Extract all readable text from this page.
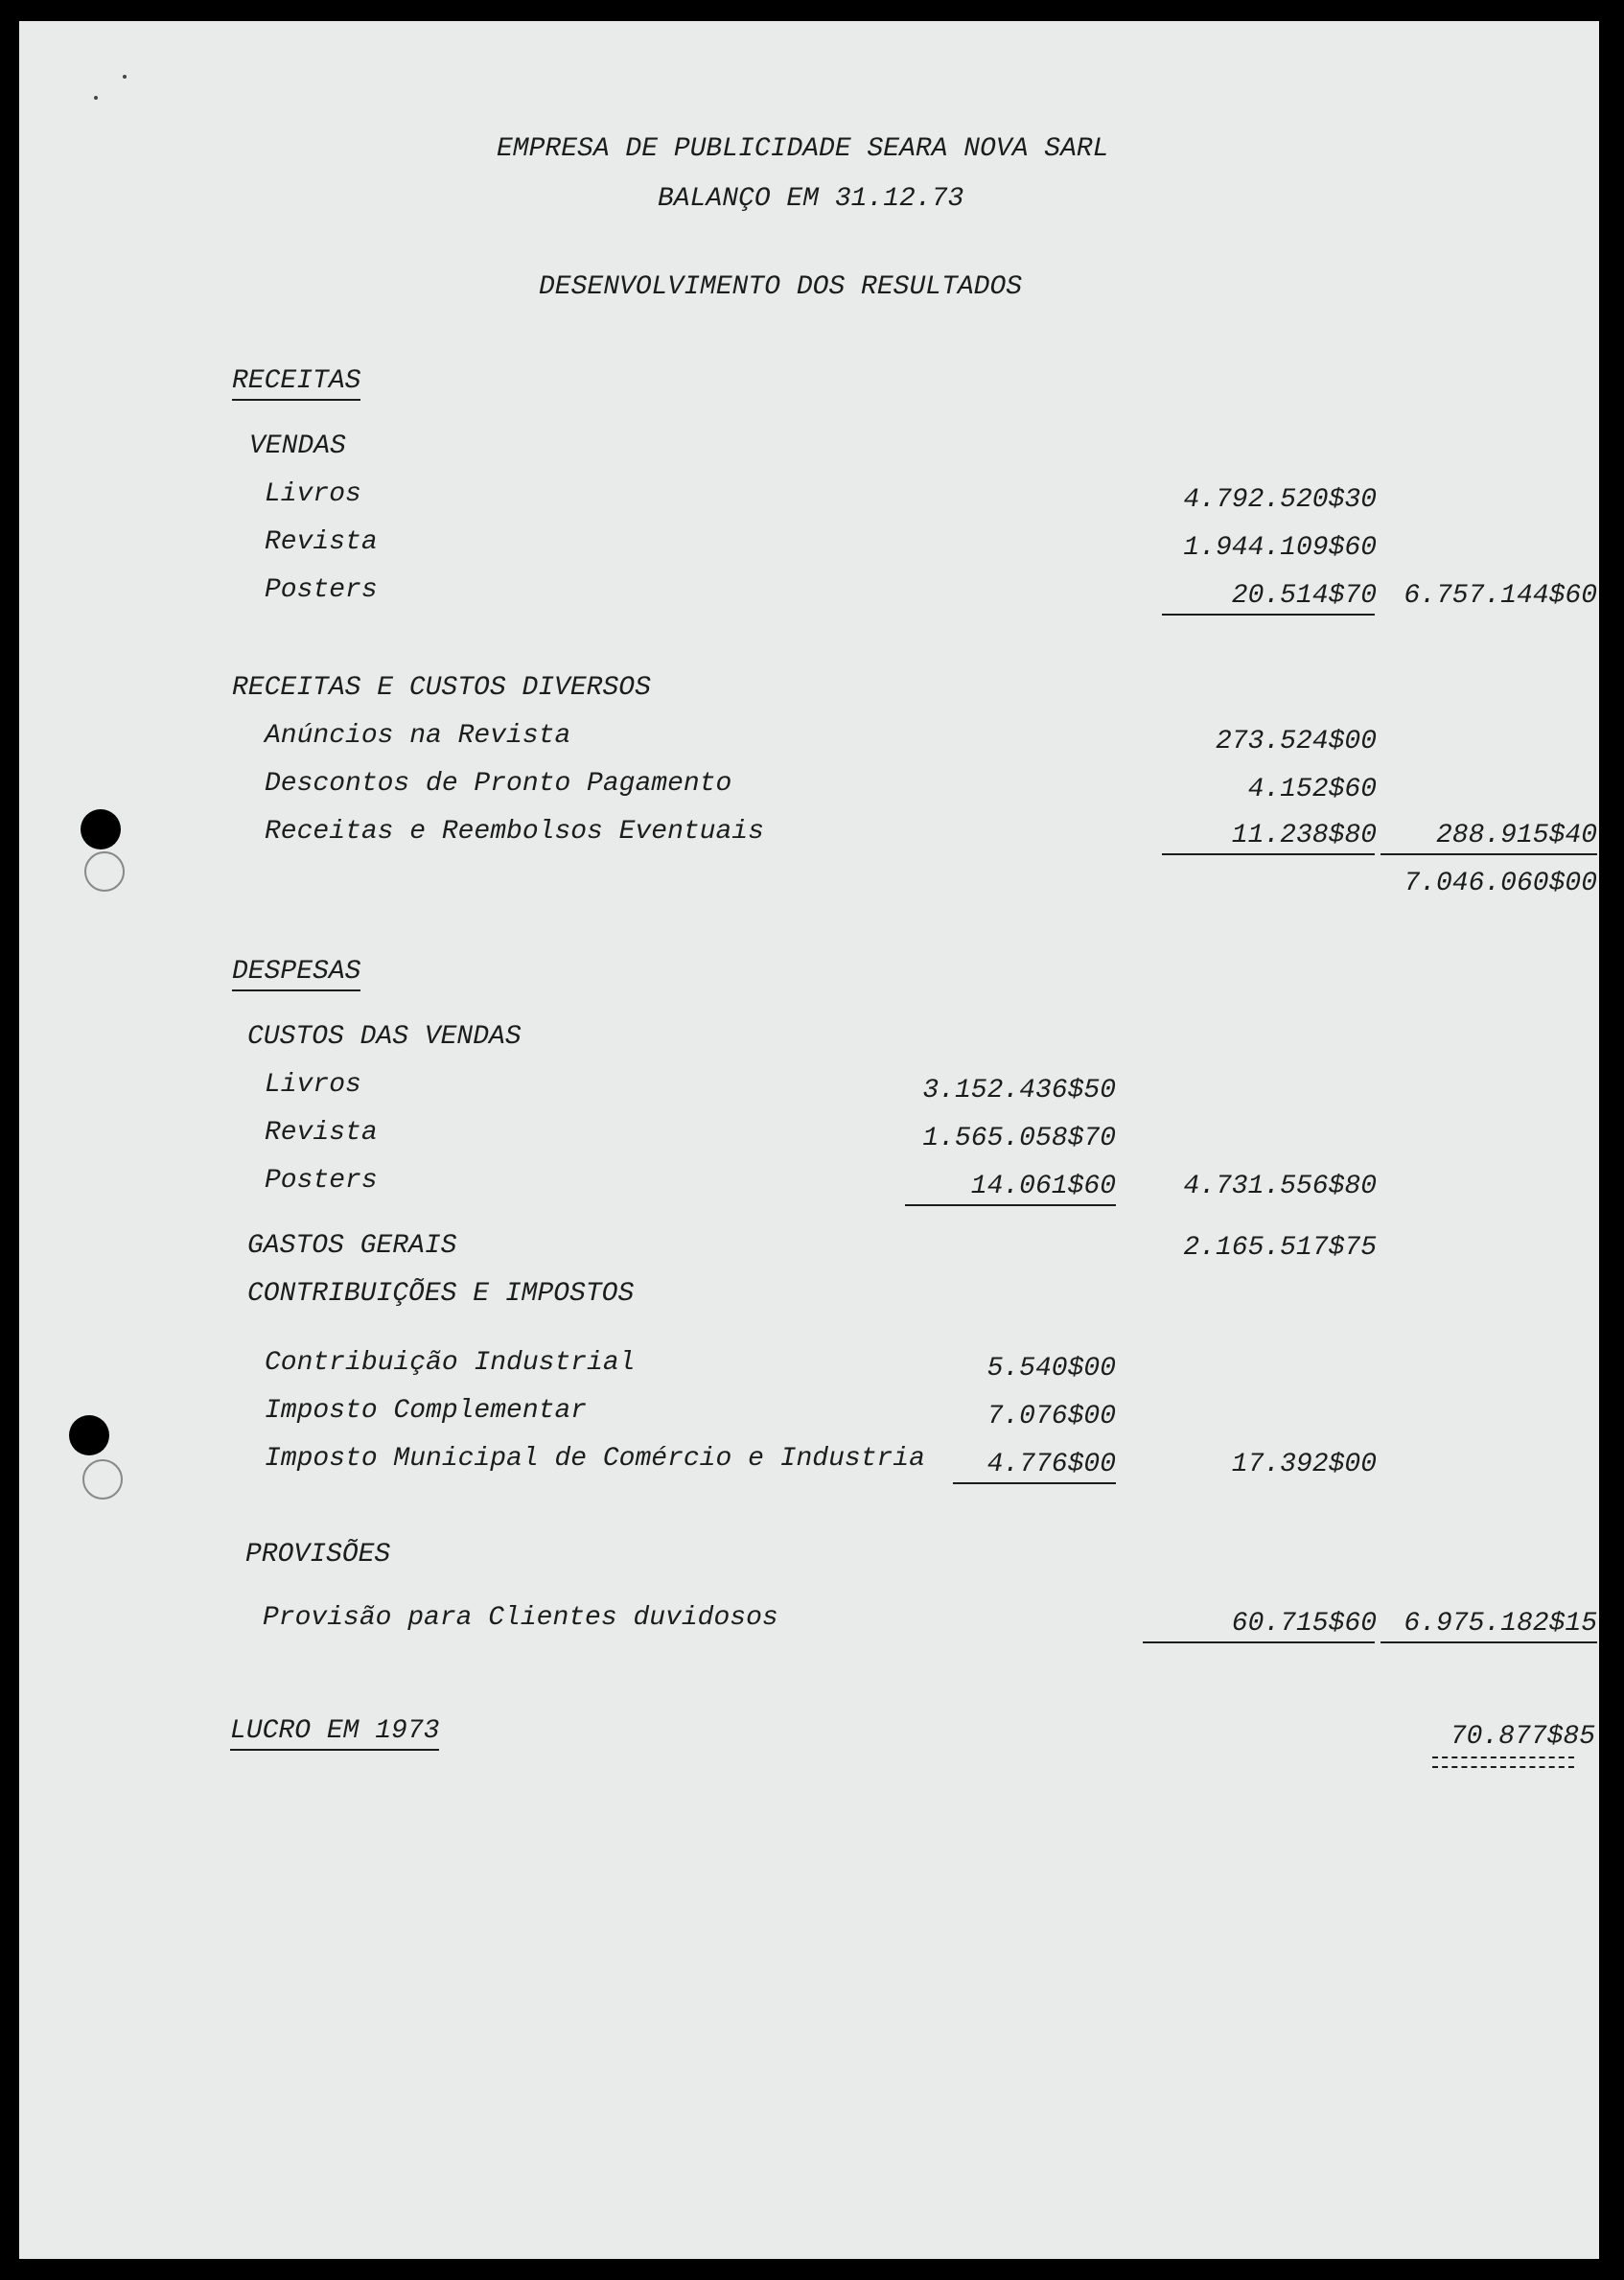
EMPRESA DE PUBLICIDADE SEARA NOVA SARL
BALANÇO EM 31.12.73
DESENVOLVIMENTO DOS RESULTADOS
RECEITAS
VENDAS
Livros	4.792.520$30
Revista	1.944.109$60
Posters	20.514$70	6.757.144$60
RECEITAS E CUSTOS DIVERSOS
Anúncios na Revista	273.524$00
Descontos de Pronto Pagamento	4.152$60
Receitas e Reembolsos Eventuais	11.238$80	288.915$40
7.046.060$00
DESPESAS
CUSTOS DAS VENDAS
Livros	3.152.436$50
Revista	1.565.058$70
Posters	14.061$60	4.731.556$80
GASTOS GERAIS	2.165.517$75
CONTRIBUIÇÕES E IMPOSTOS
Contribuição Industrial	5.540$00
Imposto Complementar	7.076$00
Imposto Municipal de Comércio e Industria	4.776$00	17.392$00
PROVISÕES
Provisão para Clientes duvidosos	60.715$60	6.975.182$15
LUCRO EM 1973	70.877$85
